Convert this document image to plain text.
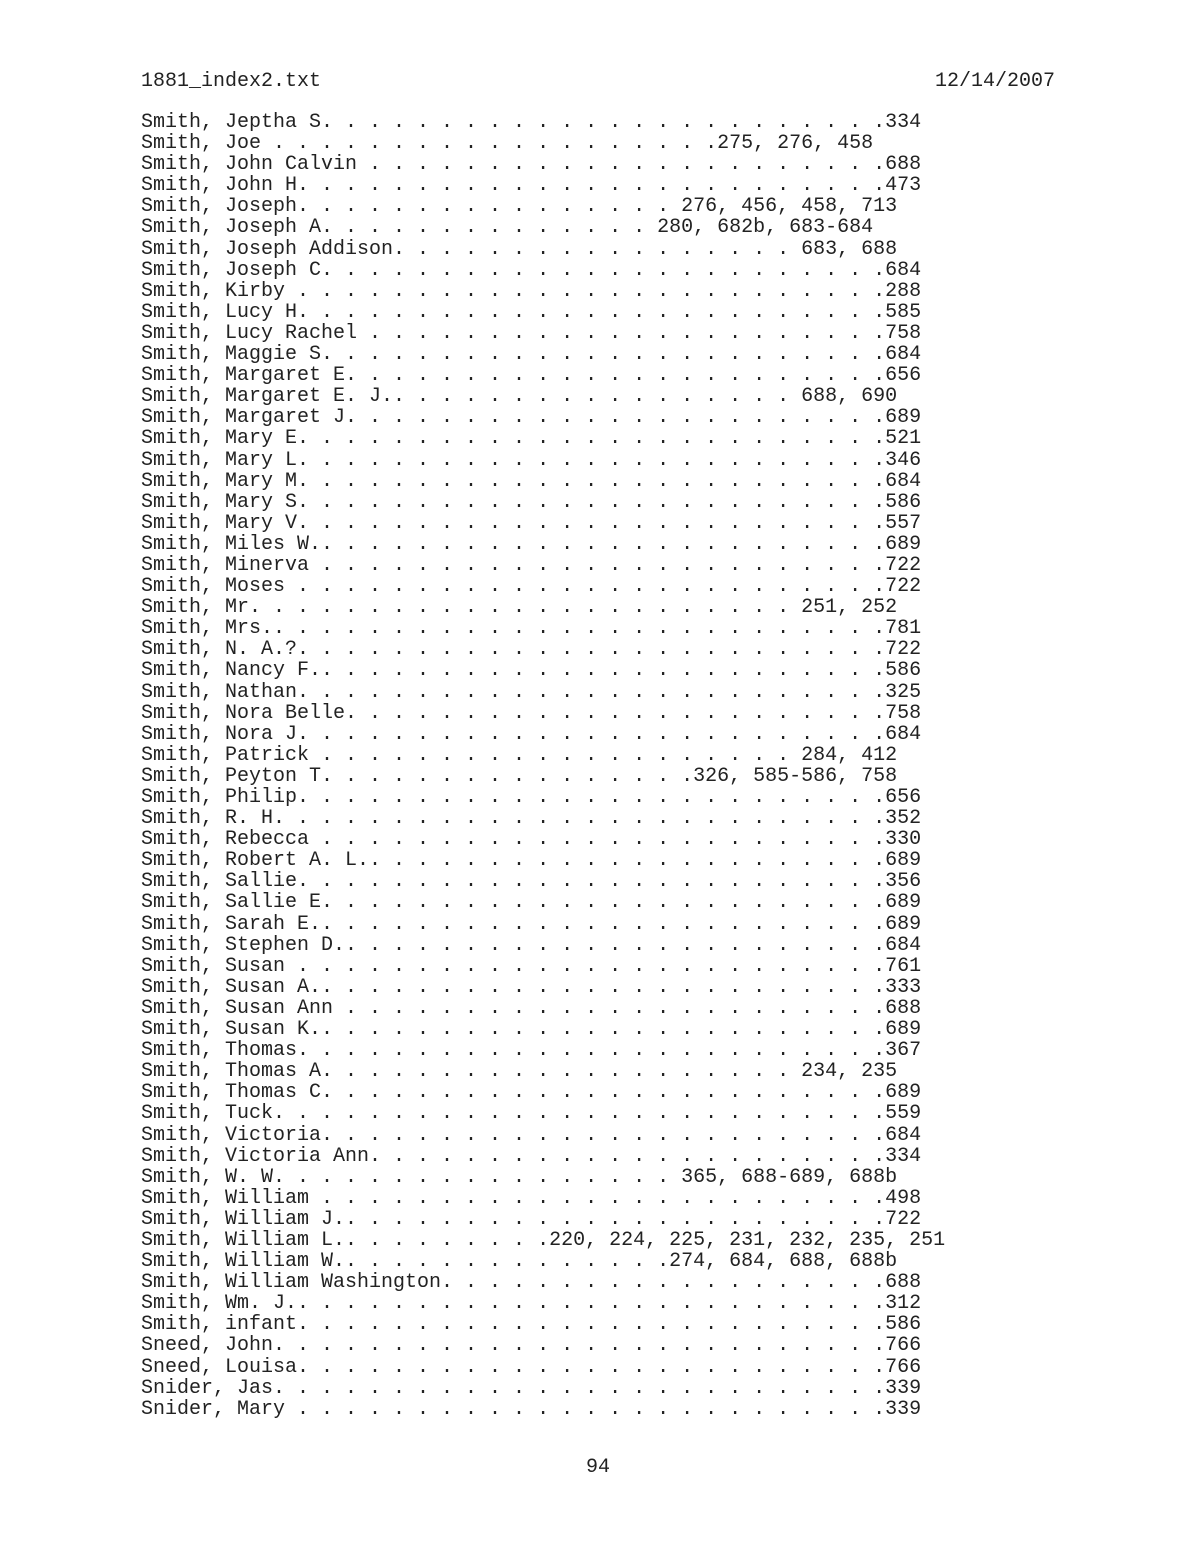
1881_index2.txt	12/14/2007
Smith, Jeptha S. . . . . . . . . . . . . . . . . . . . . . . .334
Smith, Joe . . . . . . . . . . . . . . . . . . .275, 276, 458
Smith, John Calvin . . . . . . . . . . . . . . . . . . . . . .688
Smith, John H. . . . . . . . . . . . . . . . . . . . . . . . .473
Smith, Joseph. . . . . . . . . . . . . . . . 276, 456, 458, 713
Smith, Joseph A. . . . . . . . . . . . . . 280, 682b, 683-684
Smith, Joseph Addison. . . . . . . . . . . . . . . . . 683, 688
Smith, Joseph C. . . . . . . . . . . . . . . . . . . . . . . .684
Smith, Kirby . . . . . . . . . . . . . . . . . . . . . . . . .288
Smith, Lucy H. . . . . . . . . . . . . . . . . . . . . . . . .585
Smith, Lucy Rachel . . . . . . . . . . . . . . . . . . . . . .758
Smith, Maggie S. . . . . . . . . . . . . . . . . . . . . . . .684
Smith, Margaret E. . . . . . . . . . . . . . . . . . . . . . .656
Smith, Margaret E. J.. . . . . . . . . . . . . . . . . 688, 690
Smith, Margaret J. . . . . . . . . . . . . . . . . . . . . . .689
Smith, Mary E. . . . . . . . . . . . . . . . . . . . . . . . .521
Smith, Mary L. . . . . . . . . . . . . . . . . . . . . . . . .346
Smith, Mary M. . . . . . . . . . . . . . . . . . . . . . . . .684
Smith, Mary S. . . . . . . . . . . . . . . . . . . . . . . . .586
Smith, Mary V. . . . . . . . . . . . . . . . . . . . . . . . .557
Smith, Miles W.. . . . . . . . . . . . . . . . . . . . . . . .689
Smith, Minerva . . . . . . . . . . . . . . . . . . . . . . . .722
Smith, Moses . . . . . . . . . . . . . . . . . . . . . . . . .722
Smith, Mr. . . . . . . . . . . . . . . . . . . . . . . 251, 252
Smith, Mrs.. . . . . . . . . . . . . . . . . . . . . . . . . .781
Smith, N. A.?. . . . . . . . . . . . . . . . . . . . . . . . .722
Smith, Nancy F.. . . . . . . . . . . . . . . . . . . . . . . .586
Smith, Nathan. . . . . . . . . . . . . . . . . . . . . . . . .325
Smith, Nora Belle. . . . . . . . . . . . . . . . . . . . . . .758
Smith, Nora J. . . . . . . . . . . . . . . . . . . . . . . . .684
Smith, Patrick . . . . . . . . . . . . . . . . . . . . 284, 412
Smith, Peyton T. . . . . . . . . . . . . . . .326, 585-586, 758
Smith, Philip. . . . . . . . . . . . . . . . . . . . . . . . .656
Smith, R. H. . . . . . . . . . . . . . . . . . . . . . . . . .352
Smith, Rebecca . . . . . . . . . . . . . . . . . . . . . . . .330
Smith, Robert A. L.. . . . . . . . . . . . . . . . . . . . . .689
Smith, Sallie. . . . . . . . . . . . . . . . . . . . . . . . .356
Smith, Sallie E. . . . . . . . . . . . . . . . . . . . . . . .689
Smith, Sarah E.. . . . . . . . . . . . . . . . . . . . . . . .689
Smith, Stephen D.. . . . . . . . . . . . . . . . . . . . . . .684
Smith, Susan . . . . . . . . . . . . . . . . . . . . . . . . .761
Smith, Susan A.. . . . . . . . . . . . . . . . . . . . . . . .333
Smith, Susan Ann . . . . . . . . . . . . . . . . . . . . . . .688
Smith, Susan K.. . . . . . . . . . . . . . . . . . . . . . . .689
Smith, Thomas. . . . . . . . . . . . . . . . . . . . . . . . .367
Smith, Thomas A. . . . . . . . . . . . . . . . . . . . 234, 235
Smith, Thomas C. . . . . . . . . . . . . . . . . . . . . . . .689
Smith, Tuck. . . . . . . . . . . . . . . . . . . . . . . . . .559
Smith, Victoria. . . . . . . . . . . . . . . . . . . . . . . .684
Smith, Victoria Ann. . . . . . . . . . . . . . . . . . . . . .334
Smith, W. W. . . . . . . . . . . . . . . . . 365, 688-689, 688b
Smith, William . . . . . . . . . . . . . . . . . . . . . . . .498
Smith, William J.. . . . . . . . . . . . . . . . . . . . . . .722
Smith, William L.. . . . . . . . .220, 224, 225, 231, 232, 235, 251
Smith, William W.. . . . . . . . . . . . . .274, 684, 688, 688b
Smith, William Washington. . . . . . . . . . . . . . . . . . .688
Smith, Wm. J.. . . . . . . . . . . . . . . . . . . . . . . . .312
Smith, infant. . . . . . . . . . . . . . . . . . . . . . . . .586
Sneed, John. . . . . . . . . . . . . . . . . . . . . . . . . .766
Sneed, Louisa. . . . . . . . . . . . . . . . . . . . . . . . .766
Snider, Jas. . . . . . . . . . . . . . . . . . . . . . . . . .339
Snider, Mary . . . . . . . . . . . . . . . . . . . . . . . . .339
94
